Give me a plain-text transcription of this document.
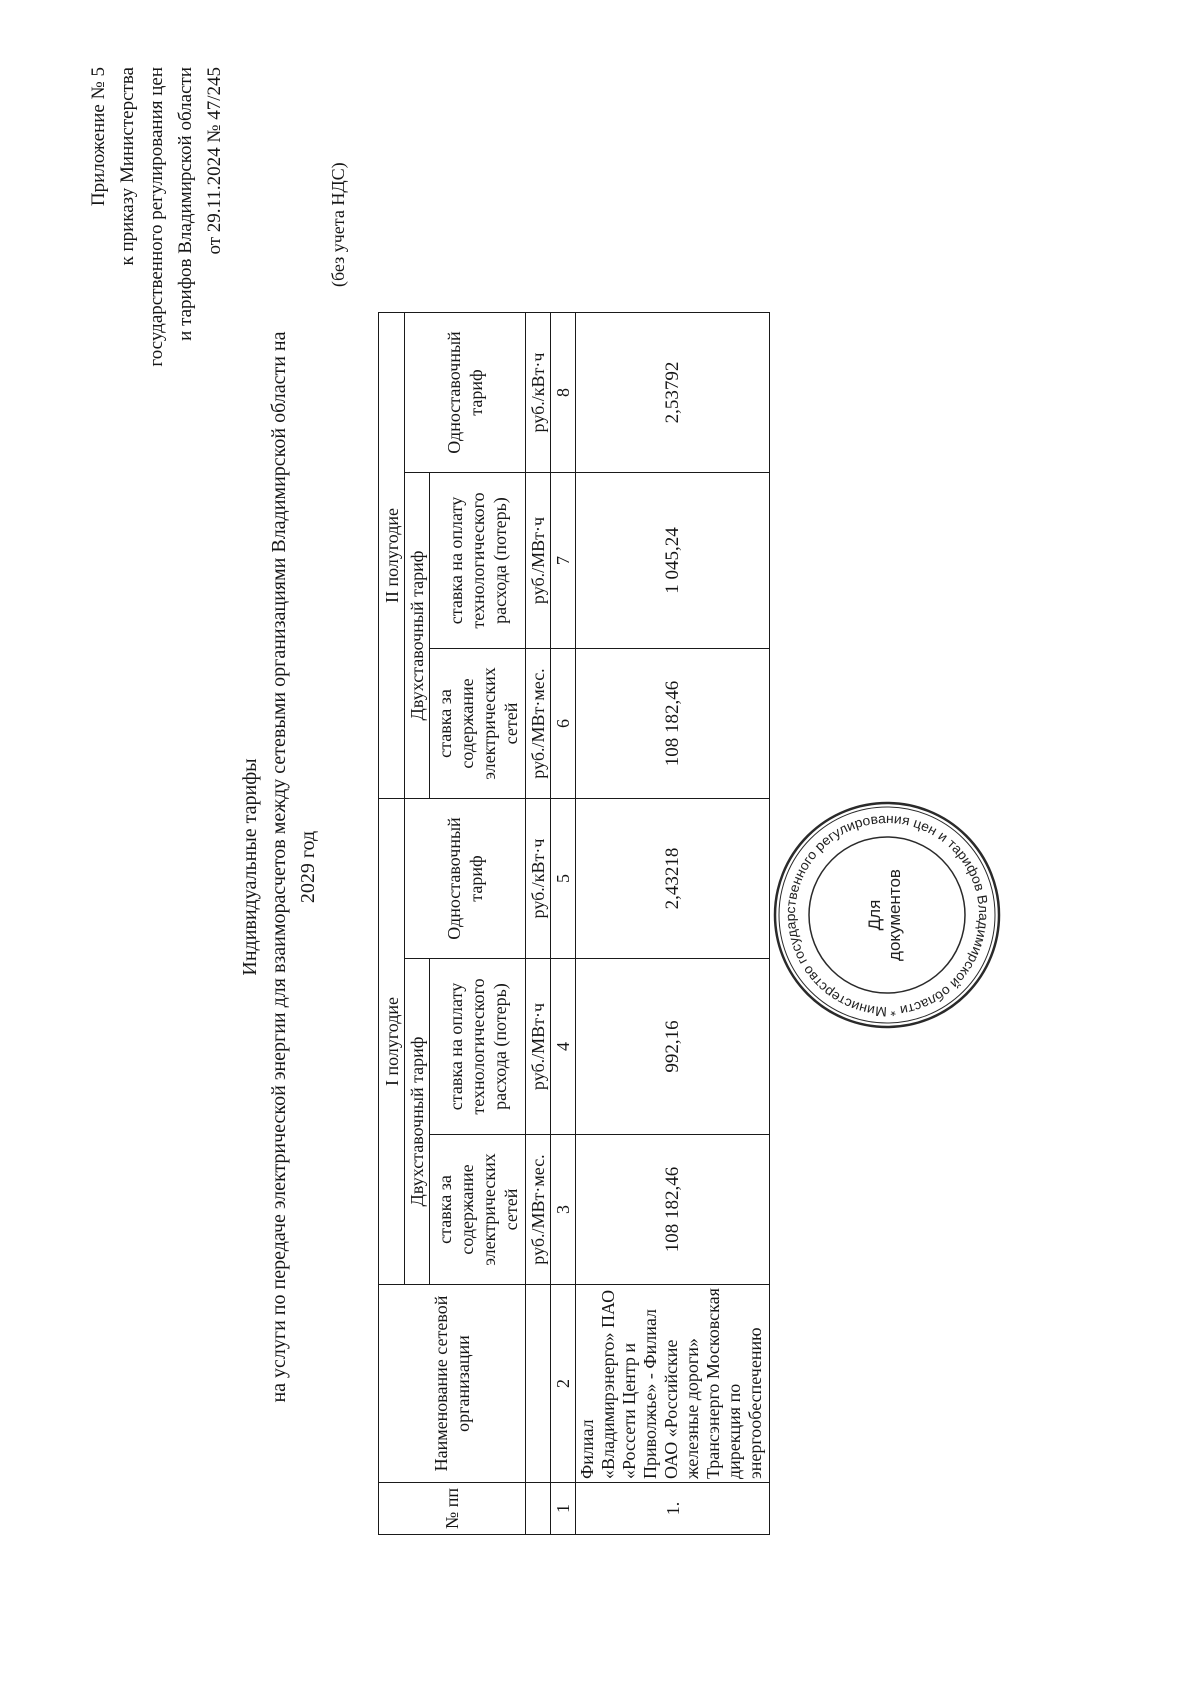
Приложение № 5 к приказу Министерства государственного регулирования цен и тарифов Владимирской области от 29.11.2024 № 47/245
Индивидуальные тарифы на услуги по передаче электрической энергии для взаиморасчетов между сетевыми организациями Владимирской области на 2029 год
(без учета НДС)
№ пп	Наименование сетевой организации	I полугодие			II полугодие		
		Двухставочный тариф		Одноставочный тариф	Двухставочный тариф		Одноставочный тариф
		ставка за содержание электрических сетей	ставка на оплату технологического расхода (потерь)		ставка за содержание электрических сетей	ставка на оплату технологического расхода (потерь)	
		руб./МВт·мес.	руб./МВт·ч	руб./кВт·ч	руб./МВт·мес.	руб./МВт·ч	руб./кВт·ч
1	2	3	4	5	6	7	8
1.	Филиал «Владимирэнерго» ПАО «Россети Центр и Приволжье» - Филиал ОАО «Российские железные дороги» Трансэнерго Московская дирекция по энергообеспечению	108 182,46	992,16	2,43218	108 182,46	1 045,24	2,53792
Министерство государственного регулирования цен и тарифов Владимирской области *
Для документов
